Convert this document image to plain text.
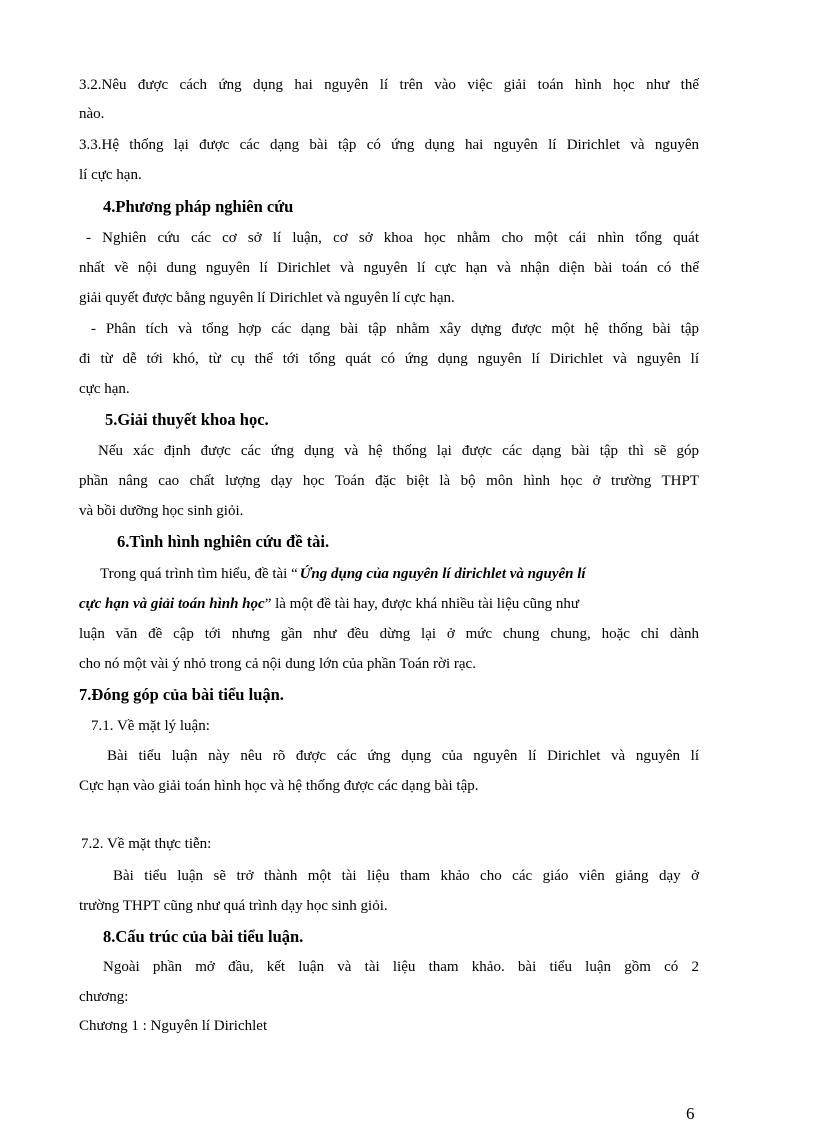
3.2.Nêu được cách ứng dụng hai nguyên lí trên vào việc giải toán hình học như thế
nào.
3.3.Hệ thống lại được các dạng bài tập có ứng dụng hai nguyên lí Dirichlet và nguyên
lí cực hạn.
4.Phương pháp nghiên cứu
- Nghiên cứu các cơ sở lí luận, cơ sở khoa học nhằm cho một cái nhìn tổng quát
nhất về nội dung nguyên lí Dirichlet và nguyên lí cực hạn và nhận diện bài toán có thể
giải quyết được bằng nguyên lí Dirichlet và nguyên lí cực hạn.
- Phân tích và tổng hợp các dạng bài tập nhằm xây dựng được một hệ thống bài tập
đi từ dễ tới khó, từ cụ thể tới tổng quát có ứng dụng nguyên lí Dirichlet và nguyên lí
cực hạn.
5.Giải thuyết khoa học.
Nếu xác định được các ứng dụng và hệ thống lại được các dạng bài tập thì sẽ góp
phần nâng cao chất lượng dạy học Toán đặc biệt là bộ môn hình học ở trường THPT
và bồi dưỡng học sinh giỏi.
6.Tình hình nghiên cứu đề tài.
Trong quá trình tìm hiểu, đề tài “ Ứng dụng của nguyên lí dirichlet và nguyên lí
cực hạn và giải toán hình học” là một đề tài hay, được khá nhiều tài liệu cũng như
luận văn đề cập tới nhưng gần như đều dừng lại ở mức chung chung, hoặc chỉ dành
cho nó một vài ý nhỏ trong cả nội dung lớn của phần Toán rời rạc.
7.Đóng góp của bài tiểu luận.
7.1. Về mặt lý luận:
Bài tiểu luận này nêu rõ được các ứng dụng của nguyên lí Dirichlet và nguyên lí
Cực hạn vào giải toán hình học và hệ thống được các dạng bài tập.
7.2. Về mặt thực tiễn:
Bài tiểu luận sẽ trở thành một tài liệu tham khảo cho các giáo viên giảng dạy ở
trường THPT cũng như quá trình dạy học sinh giỏi.
8.Cấu trúc của bài tiểu luận.
Ngoài phần mở đầu, kết luận và tài liệu tham khảo. bài tiểu luận gồm có 2
chương:
Chương 1 : Nguyên lí Dirichlet
6
